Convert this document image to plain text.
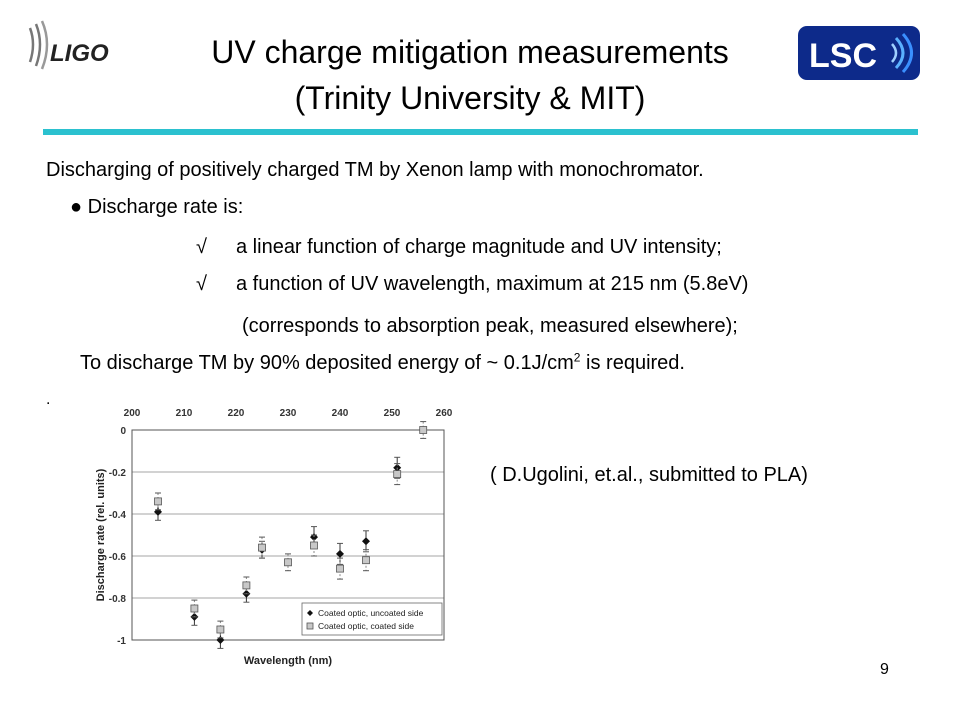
LIGO	UV charge mitigation measurements
(Trinity University & MIT)
LSC
Discharging of positively charged TM by Xenon lamp with monochromator.
● Discharge rate is:
√ a linear function of charge magnitude and UV intensity;
√ a function of UV wavelength, maximum at 215 nm (5.8eV)
(corresponds to absorption peak, measured elsewhere);
To discharge TM by 90% deposited energy of ~ $0.1J/cm^2$ is required.
.
0
-0.2
-0.4
-0.6
-0.8
-1
200	210	220	230	240	250	260
Wavelength (nm)
Discharge rate (rel. units)
Coated optic, uncoated side
Coated optic, coated side
( D.Ugolini, et.al., submitted to PLA)
9
